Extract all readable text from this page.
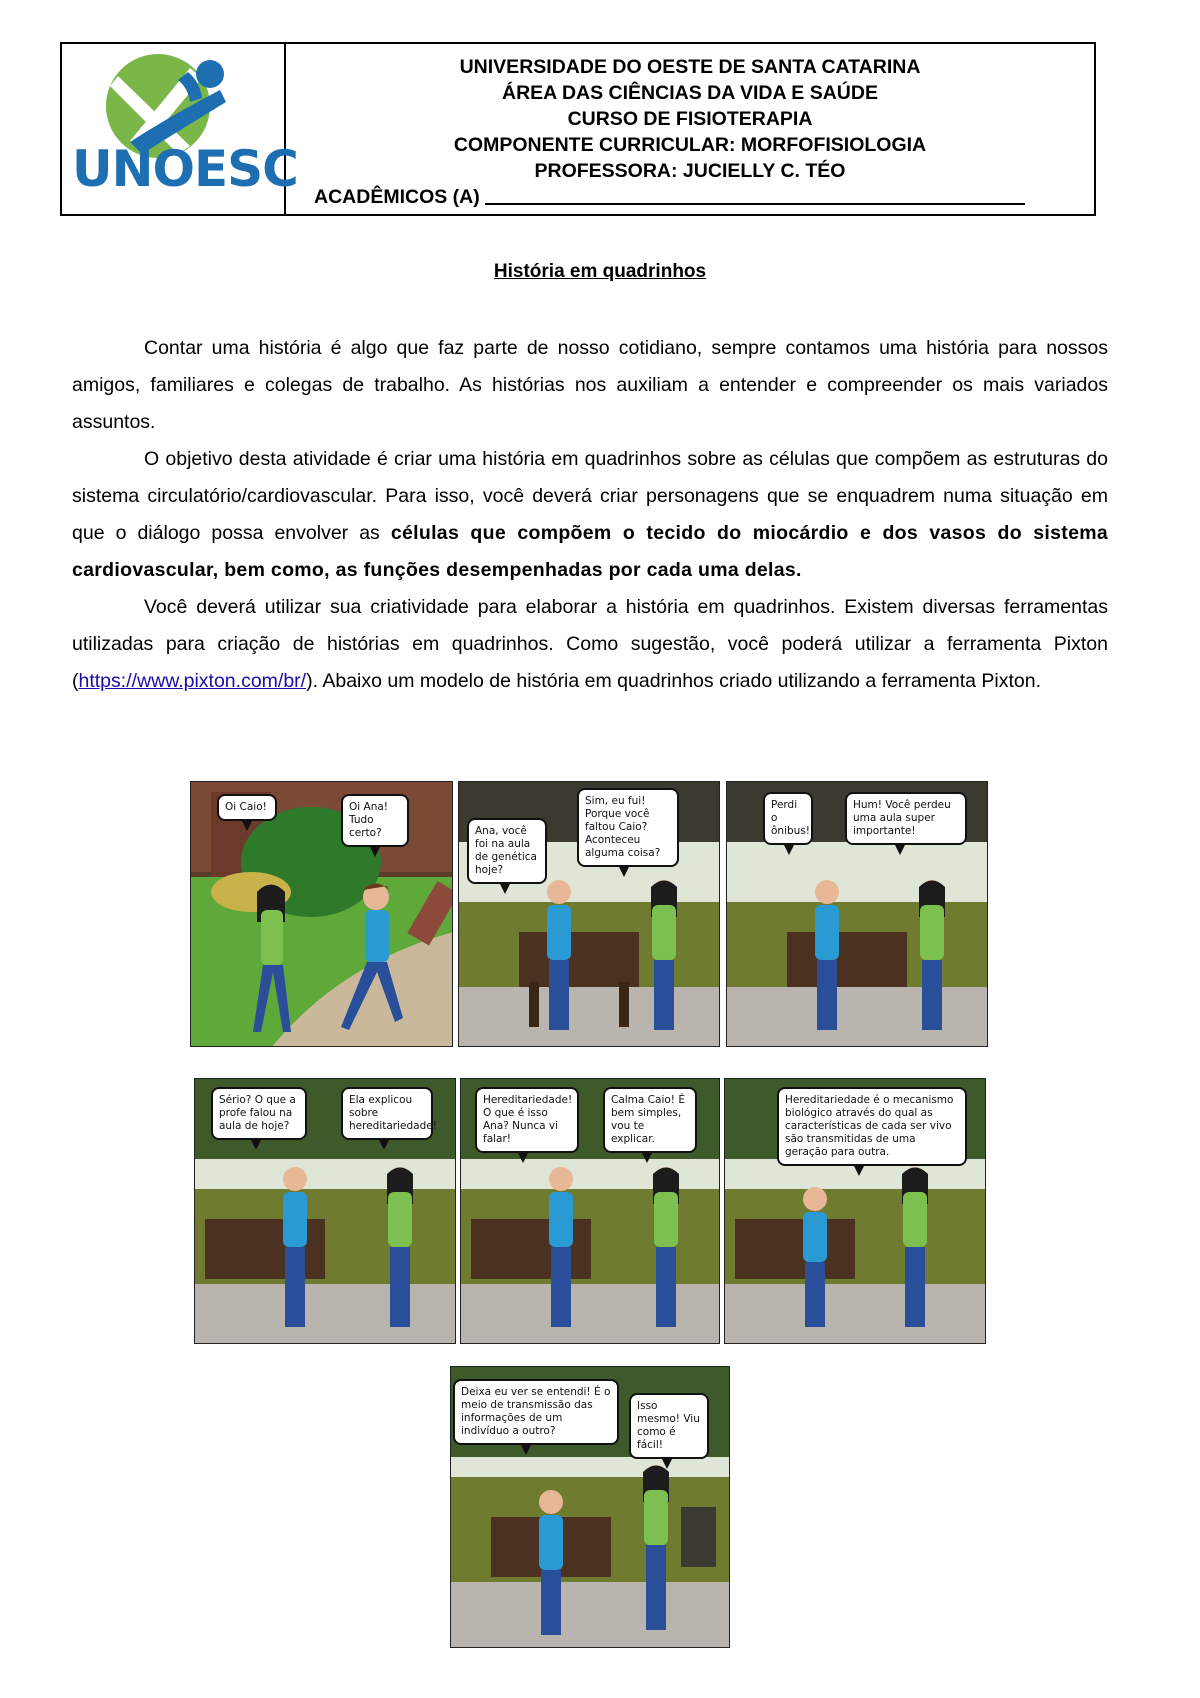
UNOESC
UNIVERSIDADE DO OESTE DE SANTA CATARINA
ÁREA DAS CIÊNCIAS DA VIDA E SAÚDE
CURSO DE FISIOTERAPIA
COMPONENTE CURRICULAR: MORFOFISIOLOGIA
PROFESSORA: JUCIELLY C. TÉO
ACADÊMICOS (A)
História em quadrinhos

Contar uma história é algo que faz parte de nosso cotidiano, sempre contamos uma história para nossos amigos, familiares e colegas de trabalho. As histórias nos auxiliam a entender e compreender os mais variados assuntos.

O objetivo desta atividade é criar uma história em quadrinhos sobre as células que compõem as estruturas do sistema circulatório/cardiovascular. Para isso, você deverá criar personagens que se enquadrem numa situação em que o diálogo possa envolver as células que compõem o tecido do miocárdio e dos vasos do sistema cardiovascular, bem como, as funções desempenhadas por cada uma delas.

Você deverá utilizar sua criatividade para elaborar a história em quadrinhos. Existem diversas ferramentas utilizadas para criação de histórias em quadrinhos. Como sugestão, você poderá utilizar a ferramenta Pixton (https://www.pixton.com/br/). Abaixo um modelo de história em quadrinhos criado utilizando a ferramenta Pixton.

Oi Caio!	Oi Ana! Tudo certo?	Ana, você foi na aula de genética hoje?
Sim, eu fui! Porque você faltou Caio? Aconteceu alguma coisa?
Perdi o ônibus!
Hum! Você perdeu uma aula super importante!
Sério? O que a profe falou na aula de hoje?
Ela explicou sobre hereditariedade!
Hereditariedade! O que é isso Ana? Nunca vi falar!
Calma Caio! É bem simples, vou te explicar.
Hereditariedade é o mecanismo biológico através do qual as características de cada ser vivo são transmitidas de uma geração para outra.
Deixa eu ver se entendi! É o meio de transmissão das informações de um indivíduo a outro?
Isso mesmo! Viu como é fácil!
